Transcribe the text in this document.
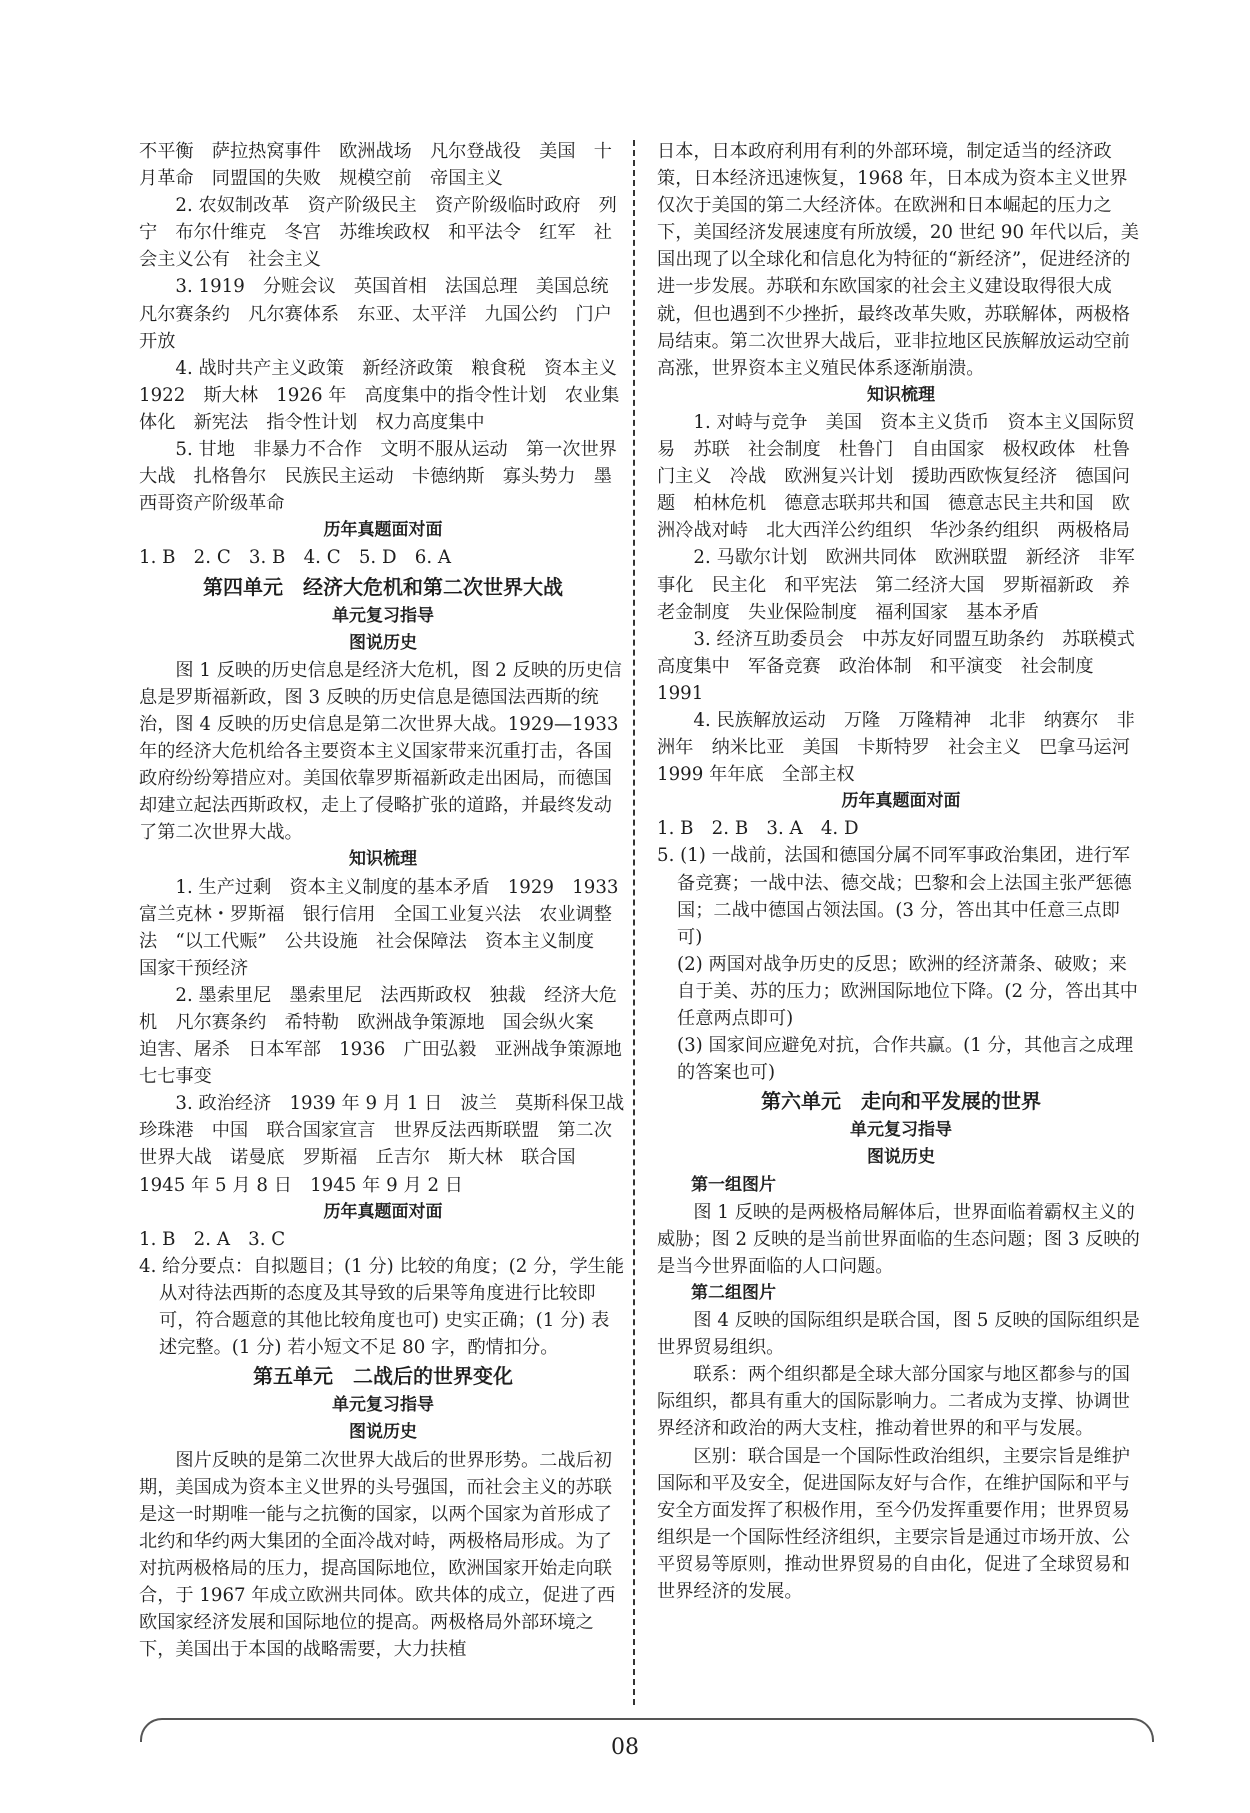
不平衡　萨拉热窝事件　欧洲战场　凡尔登战役　美国　十月革命　同盟国的失败　规模空前　帝国主义

2. 农奴制改革　资产阶级民主　资产阶级临时政府　列宁　布尔什维克　冬宫　苏维埃政权　和平法令　红军　社会主义公有　社会主义

3. 1919　分赃会议　英国首相　法国总理　美国总统　凡尔赛条约　凡尔赛体系　东亚、太平洋　九国公约　门户开放

4. 战时共产主义政策　新经济政策　粮食税　资本主义　1922　斯大林　1926 年　高度集中的指令性计划　农业集体化　新宪法　指令性计划　权力高度集中

5. 甘地　非暴力不合作　文明不服从运动　第一次世界大战　扎格鲁尔　民族民主运动　卡德纳斯　寡头势力　墨西哥资产阶级革命

历年真题面对面

1. B　2. C　3. B　4. C　5. D　6. A

第四单元　经济大危机和第二次世界大战

单元复习指导

图说历史

图 1 反映的历史信息是经济大危机，图 2 反映的历史信息是罗斯福新政，图 3 反映的历史信息是德国法西斯的统治，图 4 反映的历史信息是第二次世界大战。1929—1933 年的经济大危机给各主要资本主义国家带来沉重打击，各国政府纷纷筹措应对。美国依靠罗斯福新政走出困局，而德国却建立起法西斯政权，走上了侵略扩张的道路，并最终发动了第二次世界大战。

知识梳理

1. 生产过剩　资本主义制度的基本矛盾　1929　1933　富兰克林・罗斯福　银行信用　全国工业复兴法　农业调整法　“以工代赈”　公共设施　社会保障法　资本主义制度　国家干预经济

2. 墨索里尼　墨索里尼　法西斯政权　独裁　经济大危机　凡尔赛条约　希特勒　欧洲战争策源地　国会纵火案　迫害、屠杀　日本军部　1936　广田弘毅　亚洲战争策源地　七七事变

3. 政治经济　1939 年 9 月 1 日　波兰　莫斯科保卫战　珍珠港　中国　联合国家宣言　世界反法西斯联盟　第二次世界大战　诺曼底　罗斯福　丘吉尔　斯大林　联合国　1945 年 5 月 8 日　1945 年 9 月 2 日

历年真题面对面

1. B　2. A　3. C

4. 给分要点：自拟题目；(1 分) 比较的角度；(2 分，学生能从对待法西斯的态度及其导致的后果等角度进行比较即可，符合题意的其他比较角度也可) 史实正确；(1 分) 表述完整。(1 分) 若小短文不足 80 字，酌情扣分。

第五单元　二战后的世界变化

单元复习指导

图说历史

图片反映的是第二次世界大战后的世界形势。二战后初期，美国成为资本主义世界的头号强国，而社会主义的苏联是这一时期唯一能与之抗衡的国家，以两个国家为首形成了北约和华约两大集团的全面冷战对峙，两极格局形成。为了对抗两极格局的压力，提高国际地位，欧洲国家开始走向联合，于 1967 年成立欧洲共同体。欧共体的成立，促进了西欧国家经济发展和国际地位的提高。两极格局外部环境之下，美国出于本国的战略需要，大力扶植

日本，日本政府利用有利的外部环境，制定适当的经济政策，日本经济迅速恢复，1968 年，日本成为资本主义世界仅次于美国的第二大经济体。在欧洲和日本崛起的压力之下，美国经济发展速度有所放缓，20 世纪 90 年代以后，美国出现了以全球化和信息化为特征的“新经济”，促进经济的进一步发展。苏联和东欧国家的社会主义建设取得很大成就，但也遇到不少挫折，最终改革失败，苏联解体，两极格局结束。第二次世界大战后，亚非拉地区民族解放运动空前高涨，世界资本主义殖民体系逐渐崩溃。

知识梳理

1. 对峙与竞争　美国　资本主义货币　资本主义国际贸易　苏联　社会制度　杜鲁门　自由国家　极权政体　杜鲁门主义　冷战　欧洲复兴计划　援助西欧恢复经济　德国问题　柏林危机　德意志联邦共和国　德意志民主共和国　欧洲冷战对峙　北大西洋公约组织　华沙条约组织　两极格局

2. 马歇尔计划　欧洲共同体　欧洲联盟　新经济　非军事化　民主化　和平宪法　第二经济大国　罗斯福新政　养老金制度　失业保险制度　福利国家　基本矛盾

3. 经济互助委员会　中苏友好同盟互助条约　苏联模式　高度集中　军备竞赛　政治体制　和平演变　社会制度　1991

4. 民族解放运动　万隆　万隆精神　北非　纳赛尔　非洲年　纳米比亚　美国　卡斯特罗　社会主义　巴拿马运河　1999 年年底　全部主权

历年真题面对面

1. B　2. B　3. A　4. D

5. (1) 一战前，法国和德国分属不同军事政治集团，进行军备竞赛；一战中法、德交战；巴黎和会上法国主张严惩德国；二战中德国占领法国。(3 分，答出其中任意三点即可)

(2) 两国对战争历史的反思；欧洲的经济萧条、破败；来自于美、苏的压力；欧洲国际地位下降。(2 分，答出其中任意两点即可)

(3) 国家间应避免对抗，合作共赢。(1 分，其他言之成理的答案也可)

第六单元　走向和平发展的世界

单元复习指导

图说历史

第一组图片

图 1 反映的是两极格局解体后，世界面临着霸权主义的威胁；图 2 反映的是当前世界面临的生态问题；图 3 反映的是当今世界面临的人口问题。

第二组图片

图 4 反映的国际组织是联合国，图 5 反映的国际组织是世界贸易组织。

联系：两个组织都是全球大部分国家与地区都参与的国际组织，都具有重大的国际影响力。二者成为支撑、协调世界经济和政治的两大支柱，推动着世界的和平与发展。

区别：联合国是一个国际性政治组织，主要宗旨是维护国际和平及安全，促进国际友好与合作，在维护国际和平与安全方面发挥了积极作用，至今仍发挥重要作用；世界贸易组织是一个国际性经济组织，主要宗旨是通过市场开放、公平贸易等原则，推动世界贸易的自由化，促进了全球贸易和世界经济的发展。

08
